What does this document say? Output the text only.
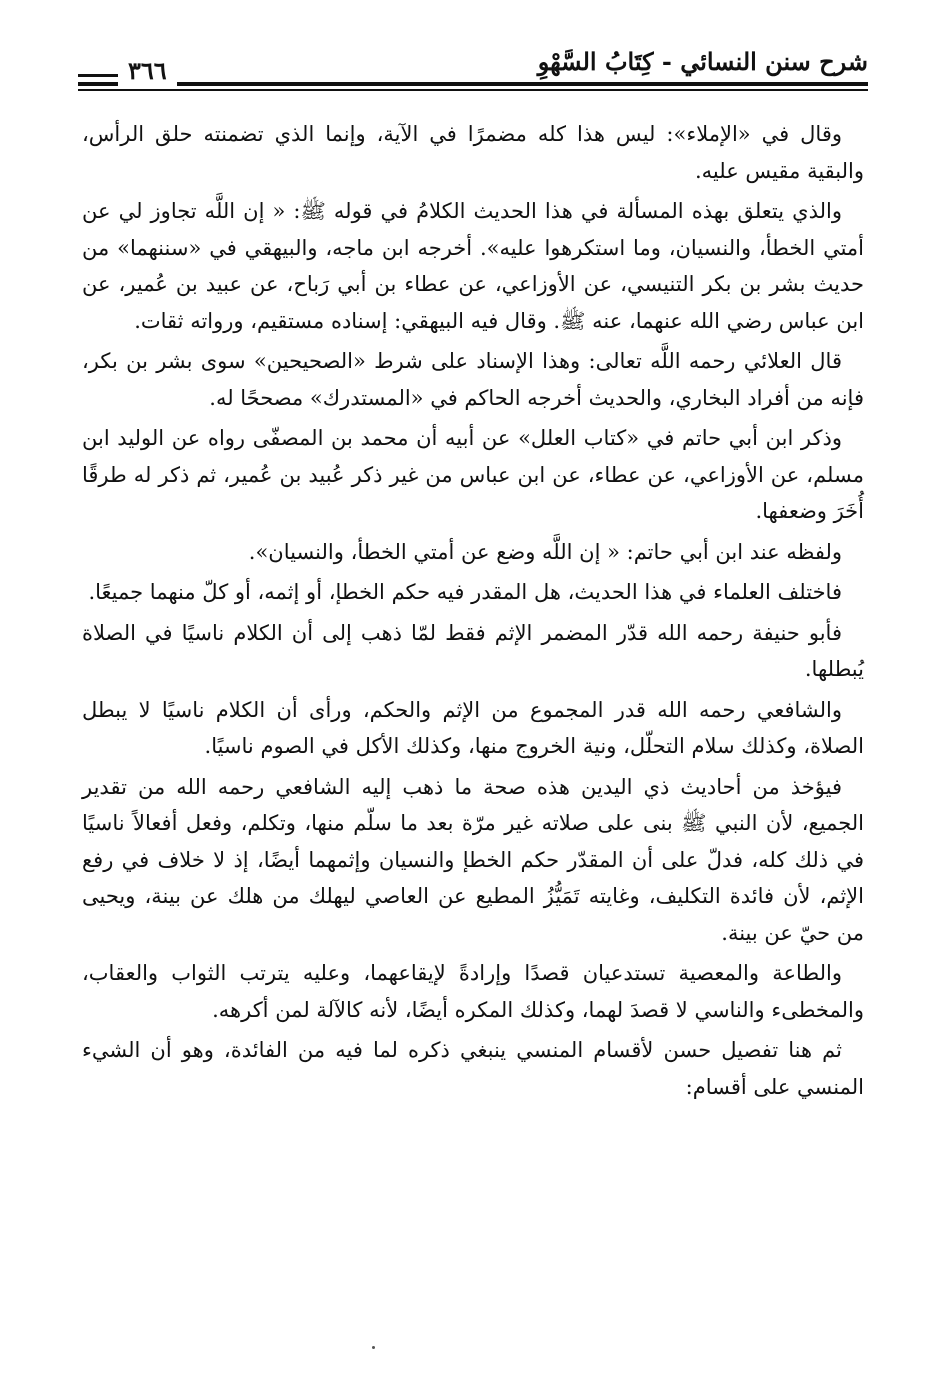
شرح سنن النسائي - كِتَابُ السَّهْوِ
٣٦٦

وقال في «الإملاء»: ليس هذا كله مضمرًا في الآية، وإنما الذي تضمنته حلق الرأس، والبقية مقيس عليه.

والذي يتعلق بهذه المسألة في هذا الحديث الكلامُ في قوله ﷺ: « إن اللَّه تجاوز لي عن أمتي الخطأ، والنسيان، وما استكرهوا عليه». أخرجه ابن ماجه، والبيهقي في «سننهما» من حديث بشر بن بكر التنيسي، عن الأوزاعي، عن عطاء بن أبي رَباح، عن عبيد بن عُمير، عن ابن عباس رضي الله عنهما، عنه ﷺ. وقال فيه البيهقي: إسناده مستقيم، ورواته ثقات.

قال العلائي رحمه اللَّه تعالى: وهذا الإسناد على شرط «الصحيحين» سوى بشر بن بكر، فإنه من أفراد البخاري، والحديث أخرجه الحاكم في «المستدرك» مصححًا له.

وذكر ابن أبي حاتم في «كتاب العلل» عن أبيه أن محمد بن المصفّى رواه عن الوليد ابن مسلم، عن الأوزاعي، عن عطاء، عن ابن عباس من غير ذكر عُبيد بن عُمير، ثم ذكر له طرقًا أُخَرَ وضعفها.

ولفظه عند ابن أبي حاتم: « إن اللَّه وضع عن أمتي الخطأ، والنسيان».

فاختلف العلماء في هذا الحديث، هل المقدر فيه حكم الخطإ، أو إثمه، أو كلّ منهما جميعًا.

فأبو حنيفة رحمه الله قدّر المضمر الإثم فقط لمّا ذهب إلى أن الكلام ناسيًا في الصلاة يُبطلها.

والشافعي رحمه الله قدر المجموع من الإثم والحكم، ورأى أن الكلام ناسيًا لا يبطل الصلاة، وكذلك سلام التحلّل، ونية الخروج منها، وكذلك الأكل في الصوم ناسيًا.

فيؤخذ من أحاديث ذي اليدين هذه صحة ما ذهب إليه الشافعي رحمه الله من تقدير الجميع، لأن النبي ﷺ بنى على صلاته غير مرّة بعد ما سلّم منها، وتكلم، وفعل أفعالاً ناسيًا في ذلك كله، فدلّ على أن المقدّر حكم الخطإ والنسيان وإثمهما أيضًا، إذ لا خلاف في رفع الإثم، لأن فائدة التكليف، وغايته تَمَيُّزُ المطيع عن العاصي ليهلك من هلك عن بينة، ويحيى من حيّ عن بينة.

والطاعة والمعصية تستدعيان قصدًا وإرادةً لإيقاعهما، وعليه يترتب الثواب والعقاب، والمخطىء والناسي لا قصدَ لهما، وكذلك المكره أيضًا، لأنه كالآلة لمن أكرهه.

ثم هنا تفصيل حسن لأقسام المنسي ينبغي ذكره لما فيه من الفائدة، وهو أن الشيء المنسي على أقسام:
